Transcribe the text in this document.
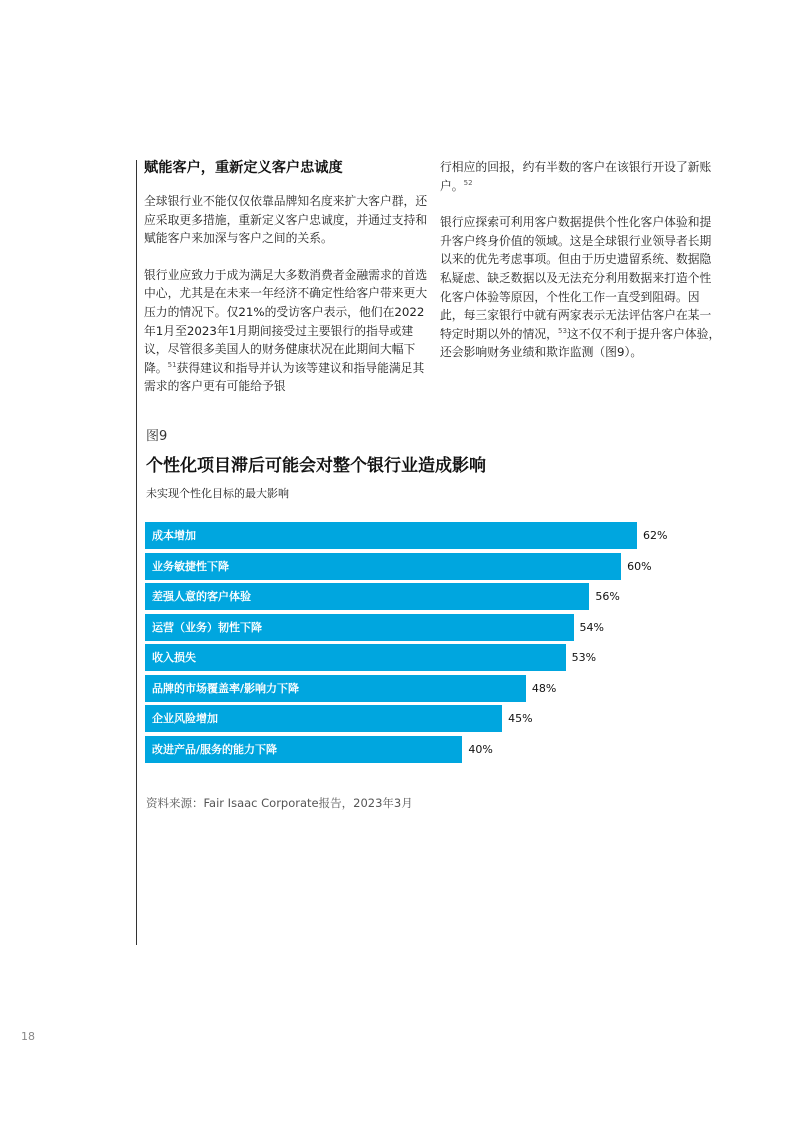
赋能客户，重新定义客户忠诚度

全球银行业不能仅仅依靠品牌知名度来扩大客户群，还应采取更多措施，重新定义客户忠诚度，并通过支持和赋能客户来加深与客户之间的关系。

银行业应致力于成为满足大多数消费者金融需求的首选中心，尤其是在未来一年经济不确定性给客户带来更大压力的情况下。仅21%的受访客户表示，他们在2022年1月至2023年1月期间接受过主要银行的指导或建议，尽管很多美国人的财务健康状况在此期间大幅下降。$^{51}$获得建议和指导并认为该等建议和指导能满足其需求的客户更有可能给予银

行相应的回报，约有半数的客户在该银行开设了新账户。$^{52}$

银行应探索可利用客户数据提供个性化客户体验和提升客户终身价值的领域。这是全球银行业领导者长期以来的优先考虑事项。但由于历史遗留系统、数据隐私疑虑、缺乏数据以及无法充分利用数据来打造个性化客户体验等原因，个性化工作一直受到阻碍。因此，每三家银行中就有两家表示无法评估客户在某一特定时期以外的情况，$^{53}$这不仅不利于提升客户体验，还会影响财务业绩和欺诈监测（图9）。

图9
个性化项目滞后可能会对整个银行业造成影响
未实现个性化目标的最大影响
成本增加	62%
业务敏捷性下降	60%
差强人意的客户体验	56%
运营（业务）韧性下降	54%
收入损失	53%
品牌的市场覆盖率/影响力下降	48%
企业风险增加	45%
改进产品/服务的能力下降	40%
资料来源：Fair Isaac Corporate报告，2023年3月
18
